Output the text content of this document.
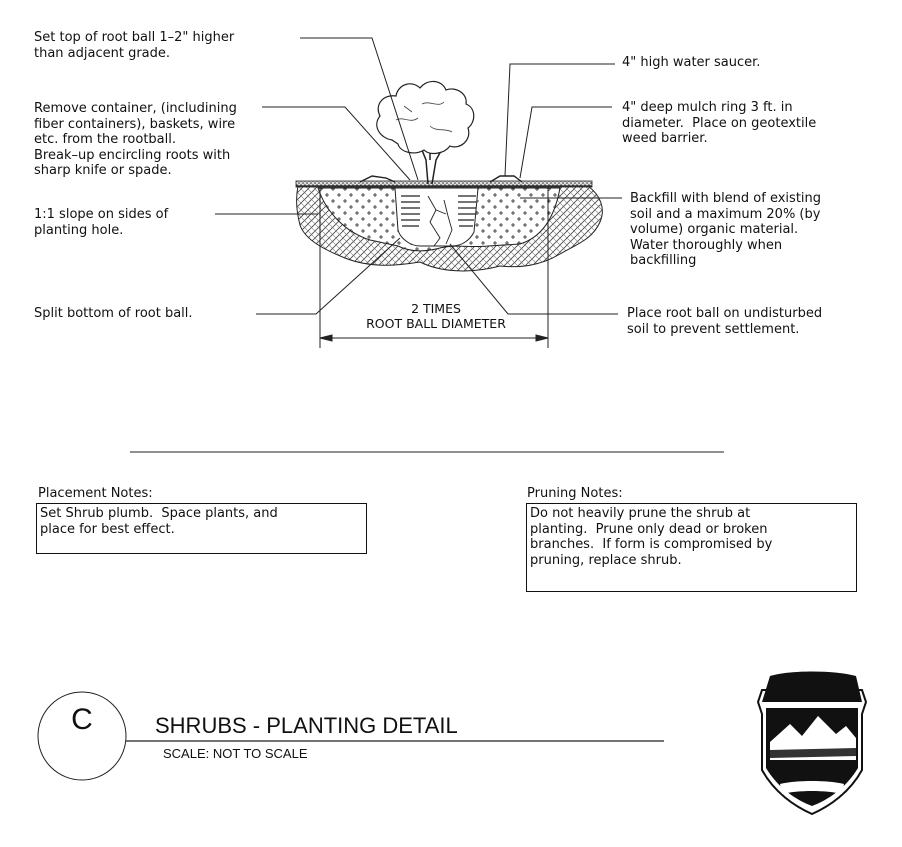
Set top of root ball 1–2" higher
than adjacent grade.

Remove container, (includining
fiber containers), baskets, wire
etc. from the rootball.
Break–up encircling roots with
sharp knife or spade.

1:1 slope on sides of
planting hole.

Split bottom of root ball.

4" high water saucer.

4" deep mulch ring 3 ft. in
diameter.  Place on geotextile
weed barrier.

Backfill with blend of existing
soil and a maximum 20% (by
volume) organic material.
Water thoroughly when
backfilling

Place root ball on undisturbed
soil to prevent settlement.

2 TIMES
ROOT BALL DIAMETER

Placement Notes:

Set Shrub plumb.  Space plants, and
place for best effect.

Pruning Notes:

Do not heavily prune the shrub at
planting.  Prune only dead or broken
branches.  If form is compromised by
pruning, replace shrub.

C	SHRUBS - PLANTING DETAIL
SCALE: NOT TO SCALE
